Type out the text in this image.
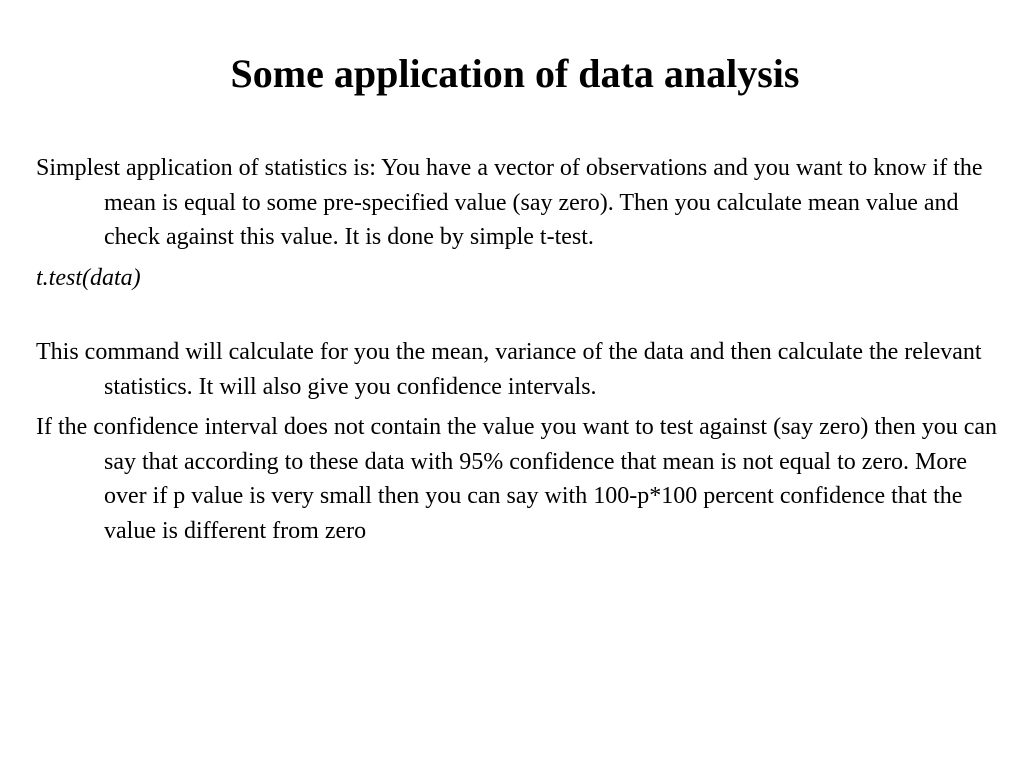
Some application of data analysis

Simplest application of statistics is: You have a vector of observations and you want to know if the mean is equal to some pre-specified value (say zero). Then you calculate mean value and check against this value. It is done by simple t-test.

t.test(data)

This command will calculate for you the mean, variance of the data and then calculate the relevant statistics. It will also give you confidence intervals.

If the confidence interval does not contain the value you want to test against (say zero) then you can say that according to these data with 95% confidence that mean is not equal to zero. More over if p value is very small then you can say with 100-p*100 percent confidence that the value is different from zero
